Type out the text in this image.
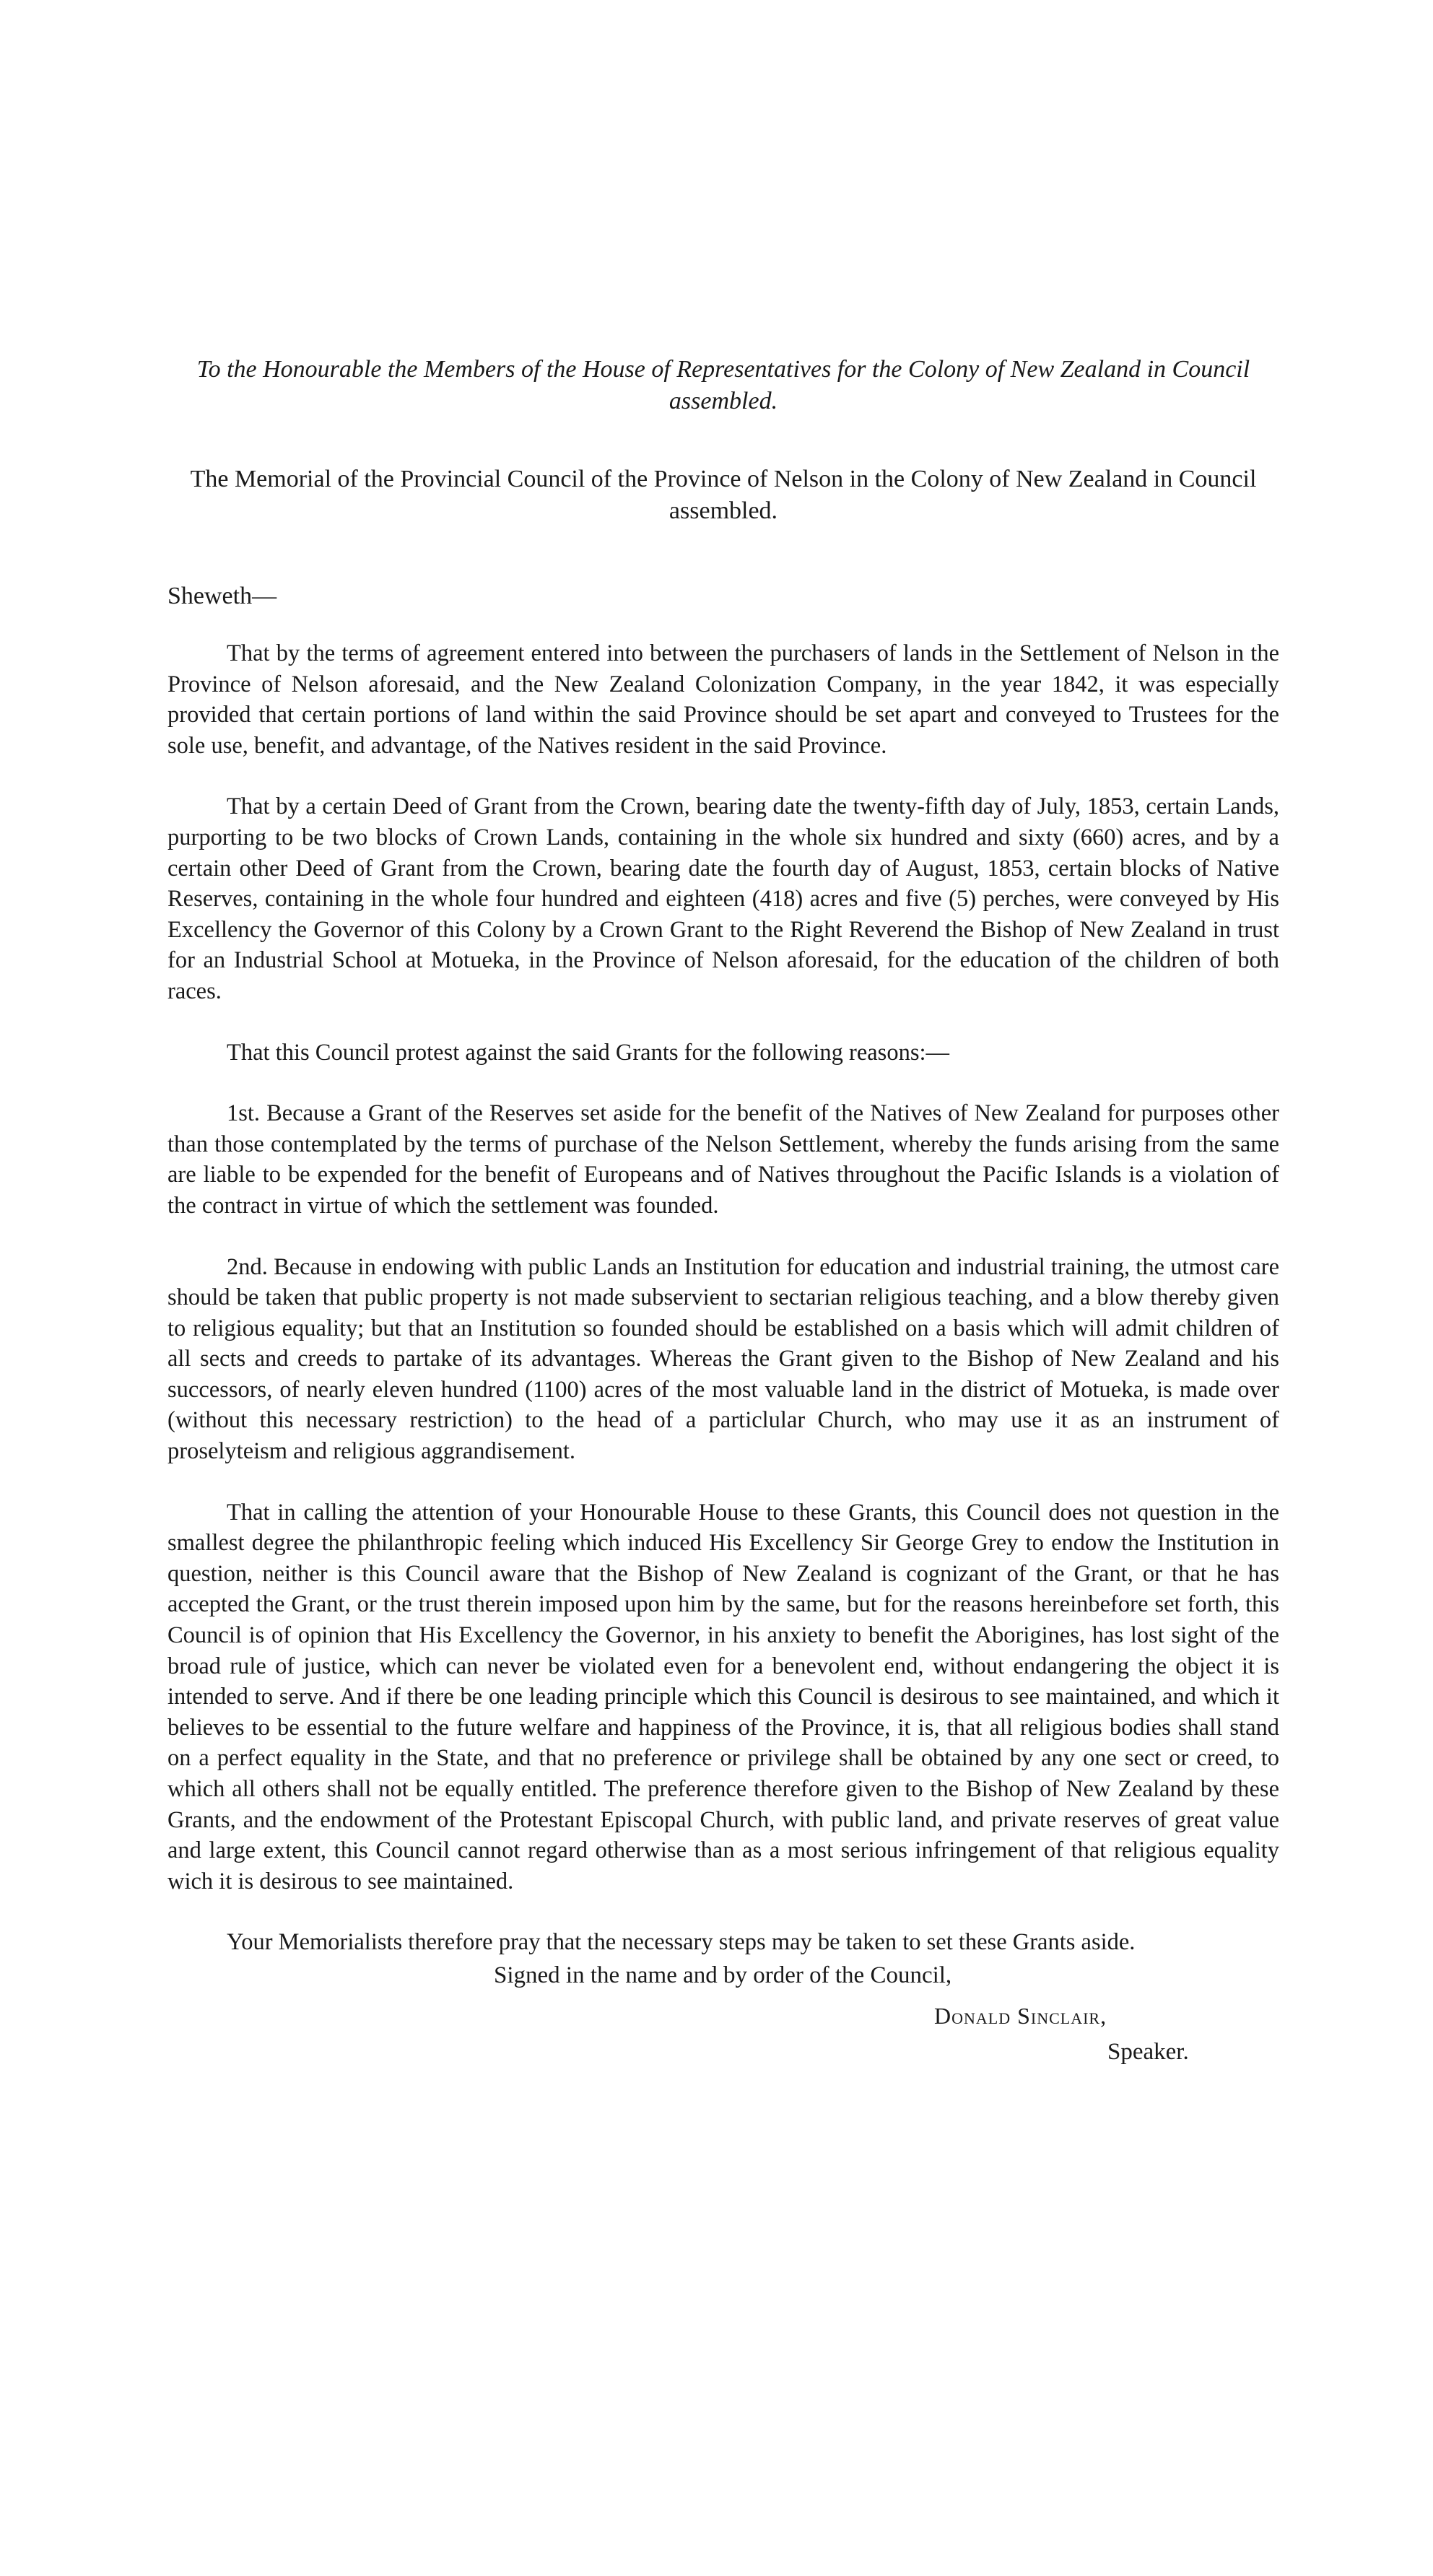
To the Honourable the Members of the House of Representatives for the Colony of New Zealand in Council assembled.

The Memorial of the Provincial Council of the Province of Nelson in the Colony of New Zealand in Council assembled.

Sheweth—

That by the terms of agreement entered into between the purchasers of lands in the Settlement of Nelson in the Province of Nelson aforesaid, and the New Zealand Colonization Company, in the year 1842, it was especially provided that certain portions of land within the said Province should be set apart and conveyed to Trustees for the sole use, benefit, and advantage, of the Natives resident in the said Province.

That by a certain Deed of Grant from the Crown, bearing date the twenty-fifth day of July, 1853, certain Lands, purporting to be two blocks of Crown Lands, containing in the whole six hundred and sixty (660) acres, and by a certain other Deed of Grant from the Crown, bearing date the fourth day of August, 1853, certain blocks of Native Reserves, containing in the whole four hundred and eighteen (418) acres and five (5) perches, were conveyed by His Excellency the Governor of this Colony by a Crown Grant to the Right Reverend the Bishop of New Zealand in trust for an Industrial School at Motueka, in the Province of Nelson aforesaid, for the education of the children of both races.

That this Council protest against the said Grants for the following reasons:—

1st. Because a Grant of the Reserves set aside for the benefit of the Natives of New Zealand for purposes other than those contemplated by the terms of purchase of the Nelson Settlement, whereby the funds arising from the same are liable to be expended for the benefit of Europeans and of Natives throughout the Pacific Islands is a violation of the contract in virtue of which the settlement was founded.

2nd. Because in endowing with public Lands an Institution for education and industrial training, the utmost care should be taken that public property is not made subservient to sectarian religious teaching, and a blow thereby given to religious equality; but that an Institution so founded should be established on a basis which will admit children of all sects and creeds to partake of its advantages. Whereas the Grant given to the Bishop of New Zealand and his successors, of nearly eleven hundred (1100) acres of the most valuable land in the district of Motueka, is made over (without this necessary restriction) to the head of a particlular Church, who may use it as an instrument of proselyteism and religious aggrandisement.

That in calling the attention of your Honourable House to these Grants, this Council does not question in the smallest degree the philanthropic feeling which induced His Excellency Sir George Grey to endow the Institution in question, neither is this Council aware that the Bishop of New Zealand is cognizant of the Grant, or that he has accepted the Grant, or the trust therein imposed upon him by the same, but for the reasons hereinbefore set forth, this Council is of opinion that His Excellency the Governor, in his anxiety to benefit the Aborigines, has lost sight of the broad rule of justice, which can never be violated even for a benevolent end, without endangering the object it is intended to serve. And if there be one leading principle which this Council is desirous to see maintained, and which it believes to be essential to the future welfare and happiness of the Province, it is, that all religious bodies shall stand on a perfect equality in the State, and that no preference or privilege shall be obtained by any one sect or creed, to which all others shall not be equally entitled. The preference therefore given to the Bishop of New Zealand by these Grants, and the endowment of the Protestant Episcopal Church, with public land, and private reserves of great value and large extent, this Council cannot regard otherwise than as a most serious infringement of that religious equality wich it is desirous to see maintained.

Your Memorialists therefore pray that the necessary steps may be taken to set these Grants aside.

Signed in the name and by order of the Council,

Donald Sinclair,

Speaker.
